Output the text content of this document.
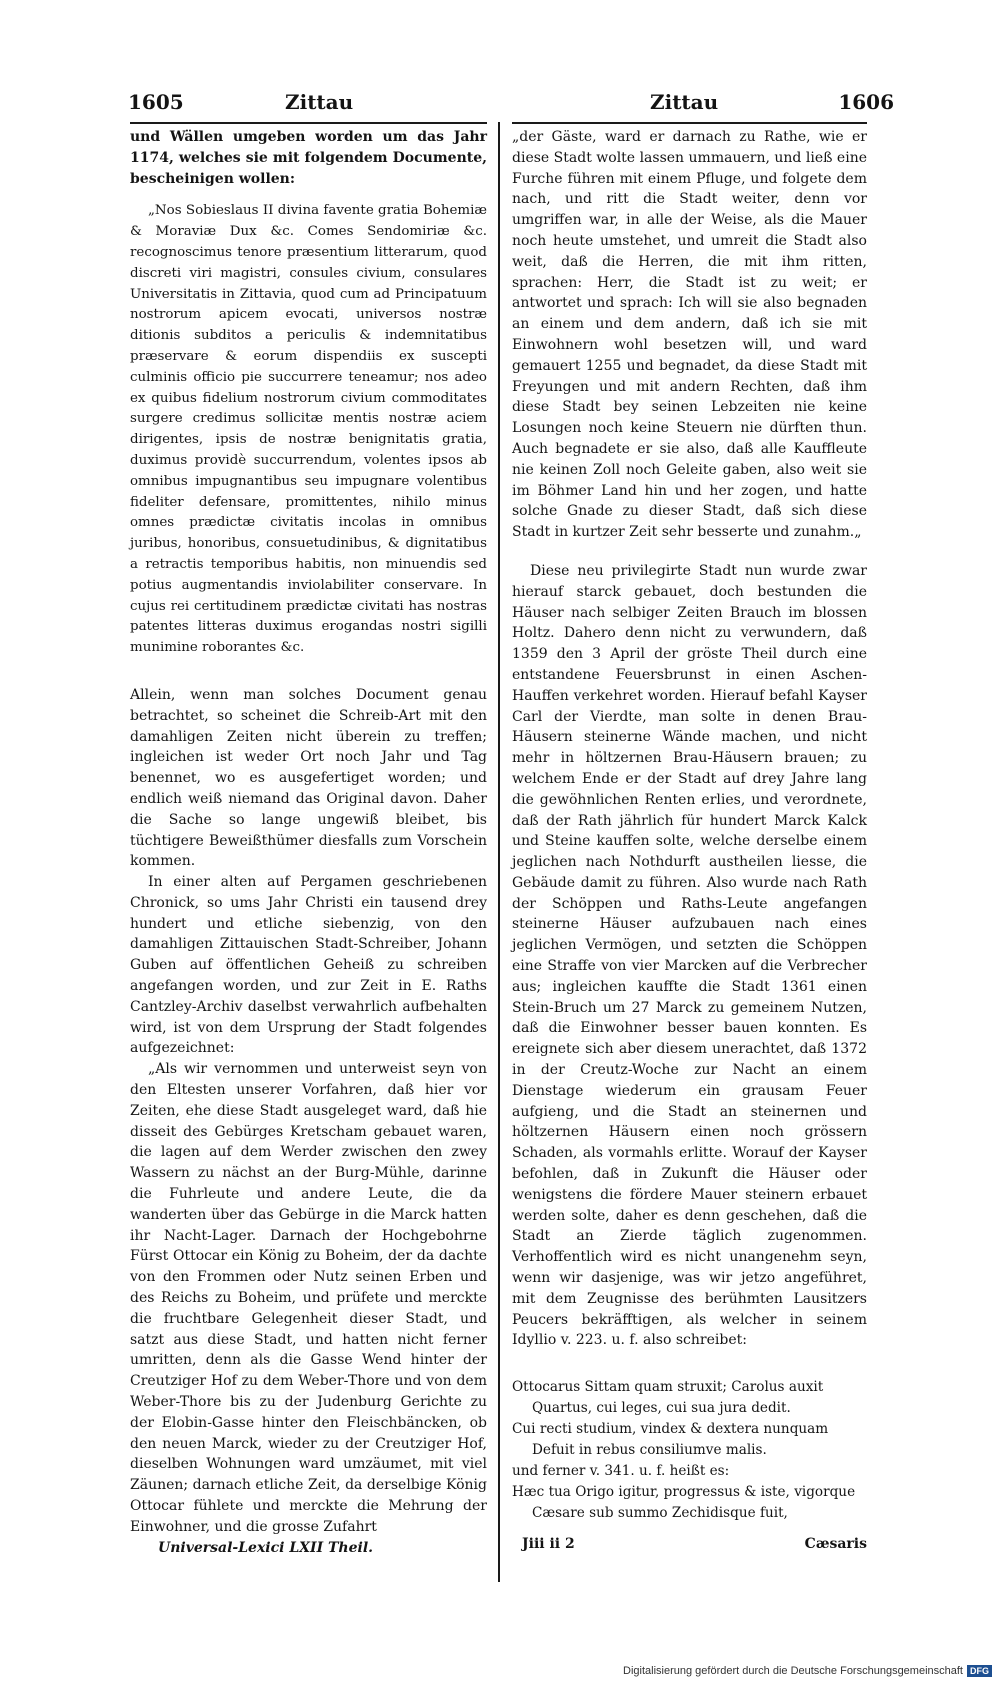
1605	Zittau	Zittau	1606

und Wällen umgeben worden um das Jahr 1174, welches sie mit folgendem Documente, bescheinigen wollen:

„Nos Sobieslaus II divina favente gratia Bohemiæ & Moraviæ Dux &c. Comes Sendomiriæ &c. recognoscimus tenore præsentium litterarum, quod discreti viri magistri, consules civium, consulares Universitatis in Zittavia, quod cum ad Principatuum nostrorum apicem evocati, universos nostræ ditionis subditos a periculis & indemnitatibus præservare & eorum dispendiis ex suscepti culminis officio pie succurrere teneamur; nos adeo ex quibus fidelium nostrorum civium commoditates surgere credimus sollicitæ mentis nostræ aciem dirigentes, ipsis de nostræ benignitatis gratia, duximus providè succurrendum, volentes ipsos ab omnibus impugnantibus seu impugnare volentibus fideliter defensare, promittentes, nihilo minus omnes prædictæ civitatis incolas in omnibus juribus, honoribus, consuetudinibus, & dignitatibus a retractis temporibus habitis, non minuendis sed potius augmentandis inviolabiliter conservare. In cujus rei certitudinem prædictæ civitati has nostras patentes litteras duximus erogandas nostri sigilli munimine roborantes &c.

Allein, wenn man solches Document genau betrachtet, so scheinet die Schreib-Art mit den damahligen Zeiten nicht überein zu treffen; ingleichen ist weder Ort noch Jahr und Tag benennet, wo es ausgefertiget worden; und endlich weiß niemand das Original davon. Daher die Sache so lange ungewiß bleibet, bis tüchtigere Beweißthümer diesfalls zum Vorschein kommen.

In einer alten auf Pergamen geschriebenen Chronick, so ums Jahr Christi ein tausend drey hundert und etliche siebenzig, von den damahligen Zittauischen Stadt-Schreiber, Johann Guben auf öffentlichen Geheiß zu schreiben angefangen worden, und zur Zeit in E. Raths Cantzley-Archiv daselbst verwahrlich aufbehalten wird, ist von dem Ursprung der Stadt folgendes aufgezeichnet:

„Als wir vernommen und unterweist seyn von den Eltesten unserer Vorfahren, daß hier vor Zeiten, ehe diese Stadt ausgeleget ward, daß hie disseit des Gebürges Kretscham gebauet waren, die lagen auf dem Werder zwischen den zwey Wassern zu nächst an der Burg-Mühle, darinne die Fuhrleute und andere Leute, die da wanderten über das Gebürge in die Marck hatten ihr Nacht-Lager. Darnach der Hochgebohrne Fürst Ottocar ein König zu Boheim, der da dachte von den Frommen oder Nutz seinen Erben und des Reichs zu Boheim, und prüfete und merckte die fruchtbare Gelegenheit dieser Stadt, und satzt aus diese Stadt, und hatten nicht ferner umritten, denn als die Gasse Wend hinter der Creutziger Hof zu dem Weber-Thore und von dem Weber-Thore bis zu der Judenburg Gerichte zu der Elobin-Gasse hinter den Fleischbäncken, ob den neuen Marck, wieder zu der Creutziger Hof, dieselben Wohnungen ward umzäumet, mit viel Zäunen; darnach etliche Zeit, da derselbige König Ottocar fühlete und merckte die Mehrung der Einwohner, und die grosse Zufahrt

Universal-Lexici LXII Theil.

„der Gäste, ward er darnach zu Rathe, wie er diese Stadt wolte lassen ummauern, und ließ eine Furche führen mit einem Pfluge, und folgete dem nach, und ritt die Stadt weiter, denn vor umgriffen war, in alle der Weise, als die Mauer noch heute umstehet, und umreit die Stadt also weit, daß die Herren, die mit ihm ritten, sprachen: Herr, die Stadt ist zu weit; er antwortet und sprach: Ich will sie also begnaden an einem und dem andern, daß ich sie mit Einwohnern wohl besetzen will, und ward gemauert 1255 und begnadet, da diese Stadt mit Freyungen und mit andern Rechten, daß ihm diese Stadt bey seinen Lebzeiten nie keine Losungen noch keine Steuern nie dürften thun. Auch begnadete er sie also, daß alle Kauffleute nie keinen Zoll noch Geleite gaben, also weit sie im Böhmer Land hin und her zogen, und hatte solche Gnade zu dieser Stadt, daß sich diese Stadt in kurtzer Zeit sehr besserte und zunahm.„

Diese neu privilegirte Stadt nun wurde zwar hierauf starck gebauet, doch bestunden die Häuser nach selbiger Zeiten Brauch im blossen Holtz. Dahero denn nicht zu verwundern, daß 1359 den 3 April der gröste Theil durch eine entstandene Feuersbrunst in einen Aschen-Hauffen verkehret worden. Hierauf befahl Kayser Carl der Vierdte, man solte in denen Brau-Häusern steinerne Wände machen, und nicht mehr in höltzernen Brau-Häusern brauen; zu welchem Ende er der Stadt auf drey Jahre lang die gewöhnlichen Renten erlies, und verordnete, daß der Rath jährlich für hundert Marck Kalck und Steine kauffen solte, welche derselbe einem jeglichen nach Nothdurft austheilen liesse, die Gebäude damit zu führen. Also wurde nach Rath der Schöppen und Raths-Leute angefangen steinerne Häuser aufzubauen nach eines jeglichen Vermögen, und setzten die Schöppen eine Straffe von vier Marcken auf die Verbrecher aus; ingleichen kauffte die Stadt 1361 einen Stein-Bruch um 27 Marck zu gemeinem Nutzen, daß die Einwohner besser bauen konnten. Es ereignete sich aber diesem unerachtet, daß 1372 in der Creutz-Woche zur Nacht an einem Dienstage wiederum ein grausam Feuer aufgieng, und die Stadt an steinernen und höltzernen Häusern einen noch grössern Schaden, als vormahls erlitte. Worauf der Kayser befohlen, daß in Zukunft die Häuser oder wenigstens die fördere Mauer steinern erbauet werden solte, daher es denn geschehen, daß die Stadt an Zierde täglich zugenommen. Verhoffentlich wird es nicht unangenehm seyn, wenn wir dasjenige, was wir jetzo angeführet, mit dem Zeugnisse des berühmten Lausitzers Peucers bekräfftigen, als welcher in seinem Idyllio v. 223. u. f. also schreibet:

Ottocarus Sittam quam struxit; Carolus auxit
Quartus, cui leges, cui sua jura dedit.
Cui recti studium, vindex & dextera nunquam
Defuit in rebus consiliumve malis.
und ferner v. 341. u. f. heißt es:
Hæc tua Origo igitur, progressus & iste, vigorque
Cæsare sub summo Zechidisque fuit,
Jiii ii 2	Cæsaris
Digitalisierung gefördert durch die Deutsche Forschungsgemeinschaft DFG
